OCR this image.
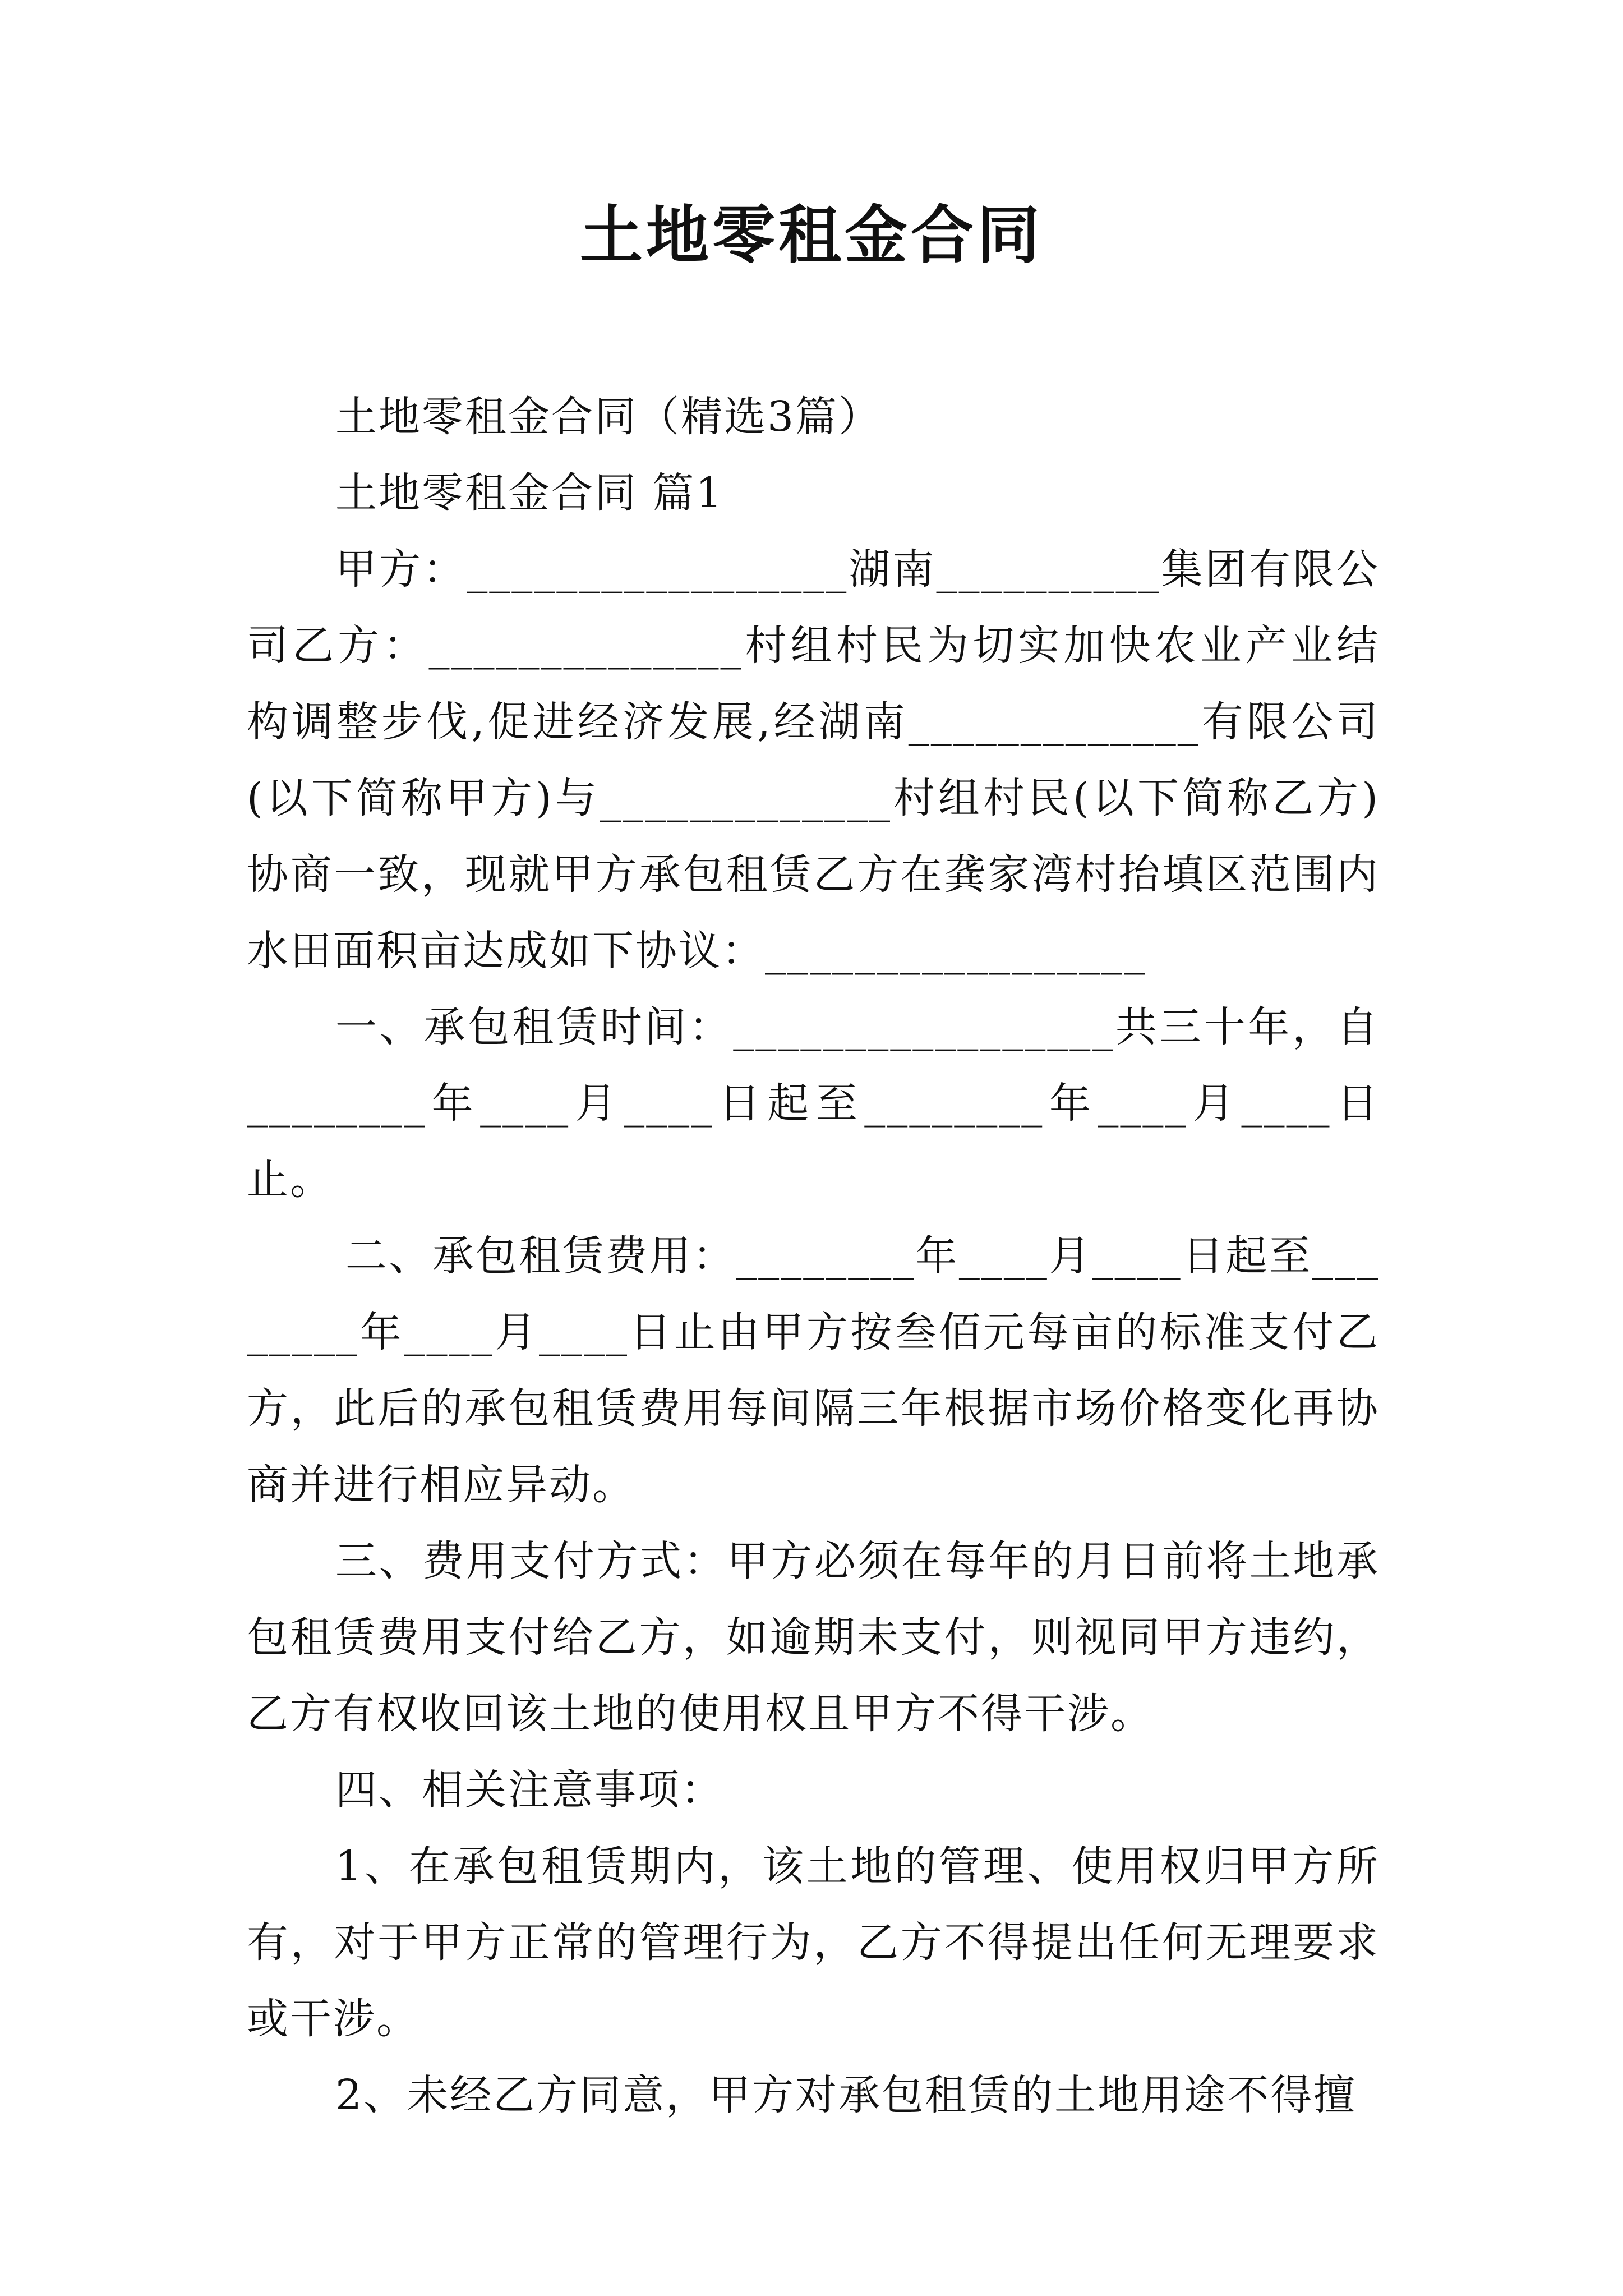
土地零租金合同

土地零租金合同（精选3篇）

土地零租金合同 篇1

甲方：_________________湖南__________集团有限公司乙方：______________村组村民为切实加快农业产业结构调整步伐,促进经济发展,经湖南_____________有限公司(以下简称甲方)与_____________村组村民(以下简称乙方)协商一致，现就甲方承包租赁乙方在龚家湾村抬填区范围内水田面积亩达成如下协议：_________________

一、承包租赁时间：_________________共三十年，自________年____月____日起至________年____月____日止。

二、承包租赁费用：________年____月____日起至________年____月____日止由甲方按叁佰元每亩的标准支付乙方，此后的承包租赁费用每间隔三年根据市场价格变化再协商并进行相应异动。

三、费用支付方式：甲方必须在每年的月日前将土地承包租赁费用支付给乙方，如逾期未支付，则视同甲方违约，乙方有权收回该土地的使用权且甲方不得干涉。

四、相关注意事项：

1、在承包租赁期内，该土地的管理、使用权归甲方所有，对于甲方正常的管理行为，乙方不得提出任何无理要求或干涉。

2、未经乙方同意，甲方对承包租赁的土地用途不得擅
